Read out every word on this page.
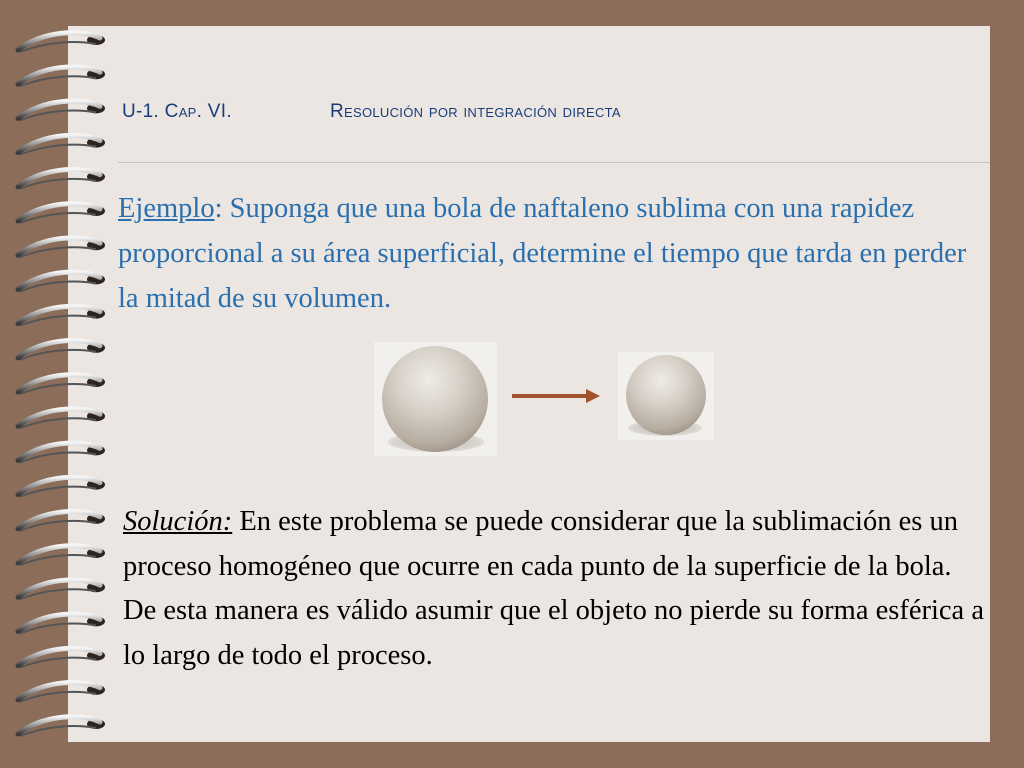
U-1. Cap. VI.	Resolución por integración directa
Ejemplo: Suponga que una bola de naftaleno sublima con una rapidez proporcional a su área superficial, determine el tiempo que tarda en perder la mitad de su volumen.
Solución: En este problema se puede considerar que la sublimación es un proceso homogéneo que ocurre en cada punto de la superficie de la bola. De esta manera es válido asumir que el objeto no pierde su forma esférica a lo largo de todo el proceso.
